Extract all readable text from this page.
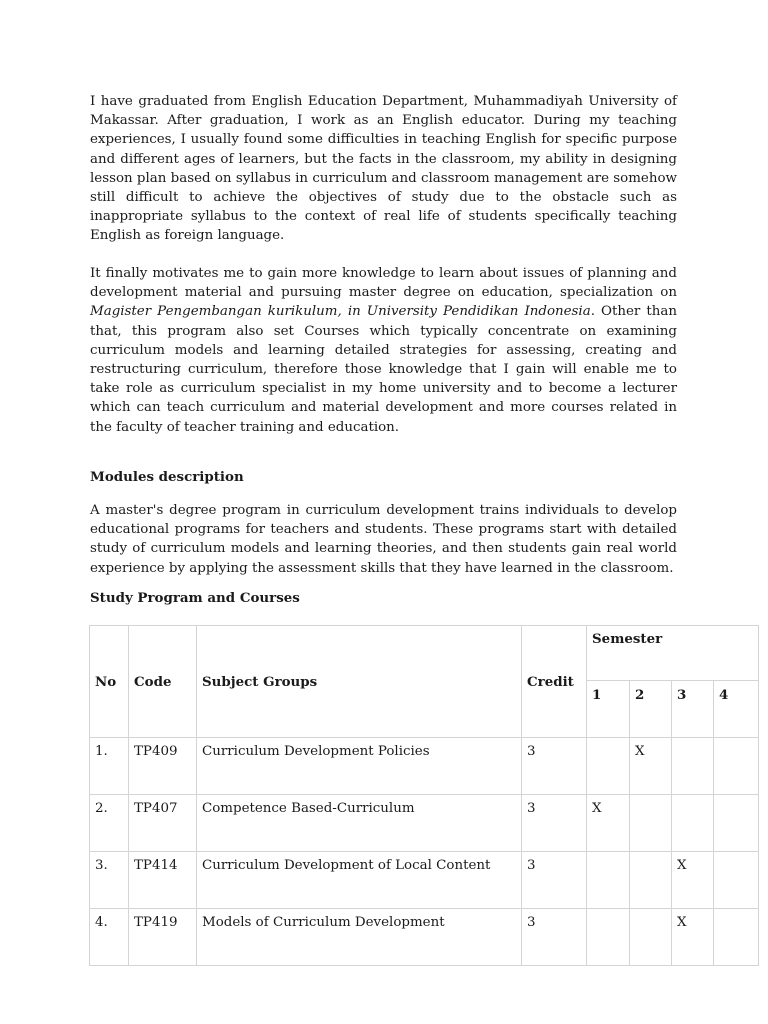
I have graduated from English Education Department, Muhammadiyah University of Makassar. After graduation, I work as an English educator. During my teaching experiences, I usually found some difficulties in teaching English for specific purpose and different ages of learners, but the facts in the classroom, my ability in designing lesson plan based on syllabus in curriculum and classroom management are somehow still difficult to achieve the objectives of study due to the obstacle such as inappropriate syllabus to the context of real life of students specifically teaching English as foreign language.

It finally motivates me to gain more knowledge to learn about issues of planning and development material and pursuing master degree on education, specialization on Magister Pengembangan kurikulum, in University Pendidikan Indonesia. Other than that, this program also set Courses which typically concentrate on examining curriculum models and learning detailed strategies for assessing, creating and restructuring curriculum, therefore those knowledge that I gain will enable me to take role as curriculum specialist in my home university and to become a lecturer which can teach curriculum and material development and more courses related in the faculty of teacher training and education.

Modules description

A master's degree program in curriculum development trains individuals to develop educational programs for teachers and students. These programs start with detailed study of curriculum models and learning theories, and then students gain real world experience by applying the assessment skills that they have learned in the classroom.

Study Program and Courses

No	Code	Subject Groups	Credit	Semester			
				1	2	3	4
1.	TP409	Curriculum Development Policies	3		X		
2.	TP407	Competence Based-Curriculum	3	X			
3.	TP414	Curriculum Development of Local Content	3			X	
4.	TP419	Models of Curriculum Development	3			X	
